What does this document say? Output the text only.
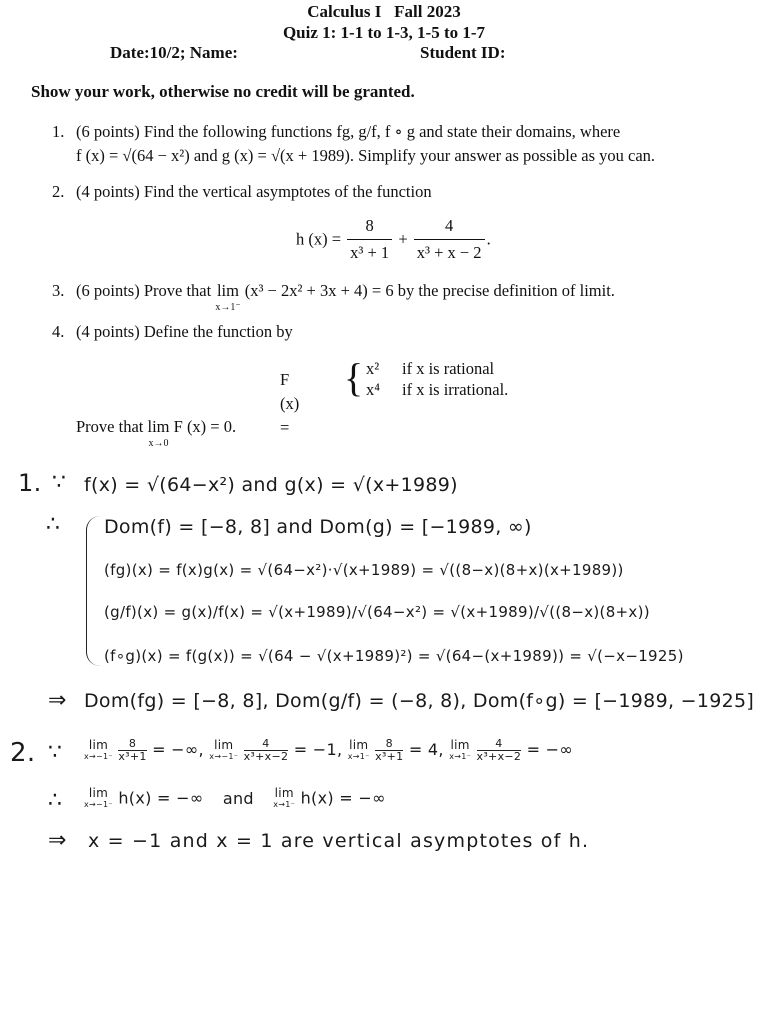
Calculus I Fall 2023
Quiz 1: 1-1 to 1-3, 1-5 to 1-7
Date:10/2; Name:	Student ID:
Show your work, otherwise no credit will be granted.
1. (6 points) Find the following functions fg, g/f, f ∘ g and state their domains, where
f (x) = √(64 − x²) and g (x) = √(x + 1989). Simplify your answer as possible as you can.
2. (4 points) Find the vertical asymptotes of the function
h $(x) = \frac{8}{\text{x³ + 1}} + \frac{4}{\text{x³ + x − 2}}$ .
3. (6 points) Prove that lim
x→1⁻
(x³ − 2x² + 3x + 4) = 6 by the precise definition of limit.
4. (4 points) Define the function by
F (x) =
{ x² if x is rational
x⁴ if x is irrational.
Prove that lim
x→0
F (x) = 0.
1. ∵ f(x) = √(64−x²) and g(x) = √(x+1989)
∴ Dom(f) = [−8, 8] and Dom(g) = [−1989, ∞)
(fg)(x) = f(x)g(x) = √(64−x²)·√(x+1989) = √((8−x)(8+x)(x+1989))
(g/f)(x) = g(x)/f(x) = √(x+1989)/√(64−x²) = √(x+1989)/√((8−x)(8+x))
(f∘g)(x) = f(g(x)) = √(64 − √(x+1989)²) = √(64−(x+1989)) = √(−x−1925)
⇒ Dom(fg) = [−8, 8], Dom(g/f) = (−8, 8), Dom(f∘g) = [−1989, −1925]
2. ∵	lim
$x\to-1^- \frac{8}{\text{x³+1}}$ = −∞, lim
$x\to-1^- \frac{4}{\text{x³+x−2}} = -1$, lim
$x\to 1^- \frac{8}{\text{x³+1}} = 4$, lim
$x\to 1^- \frac{4}{\text{x³+x−2}}$ = −∞
∴	lim
x→−1⁻ h(x) = −∞ and lim
x→1⁻ h(x) = −∞
⇒ x = −1 and x = 1 are vertical asymptotes of h.
